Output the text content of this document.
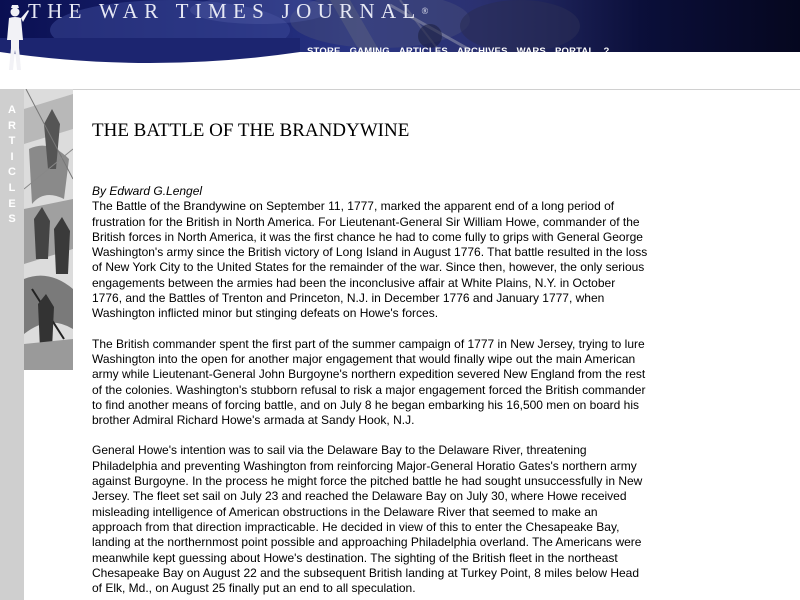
THE WAR TIMES JOURNAL®
STORE GAMING ARTICLES ARCHIVES WARS PORTAL ?
A
R
T
I
C
L
E
S
THE BATTLE OF THE BRANDYWINE
By Edward G.Lengel

The Battle of the Brandywine on September 11, 1777, marked the apparent end of a long period of frustration for the British in North America. For Lieutenant-General Sir William Howe, commander of the British forces in North America, it was the first chance he had to come fully to grips with General George Washington's army since the British victory of Long Island in August 1776. That battle resulted in the loss of New York City to the United States for the remainder of the war. Since then, however, the only serious engagements between the armies had been the inconclusive affair at White Plains, N.Y. in October 1776, and the Battles of Trenton and Princeton, N.J. in December 1776 and January 1777, when Washington inflicted minor but stinging defeats on Howe's forces.

The British commander spent the first part of the summer campaign of 1777 in New Jersey, trying to lure Washington into the open for another major engagement that would finally wipe out the main American army while Lieutenant-General John Burgoyne's northern expedition severed New England from the rest of the colonies. Washington's stubborn refusal to risk a major engagement forced the British commander to find another means of forcing battle, and on July 8 he began embarking his 16,500 men on board his brother Admiral Richard Howe's armada at Sandy Hook, N.J.

General Howe's intention was to sail via the Delaware Bay to the Delaware River, threatening Philadelphia and preventing Washington from reinforcing Major-General Horatio Gates's northern army against Burgoyne. In the process he might force the pitched battle he had sought unsuccessfully in New Jersey. The fleet set sail on July 23 and reached the Delaware Bay on July 30, where Howe received misleading intelligence of American obstructions in the Delaware River that seemed to make an approach from that direction impracticable. He decided in view of this to enter the Chesapeake Bay, landing at the northernmost point possible and approaching Philadelphia overland. The Americans were meanwhile kept guessing about Howe's destination. The sighting of the British fleet in the northeast Chesapeake Bay on August 22 and the subsequent British landing at Turkey Point, 8 miles below Head of Elk, Md., on August 25 finally put an end to all speculation.
